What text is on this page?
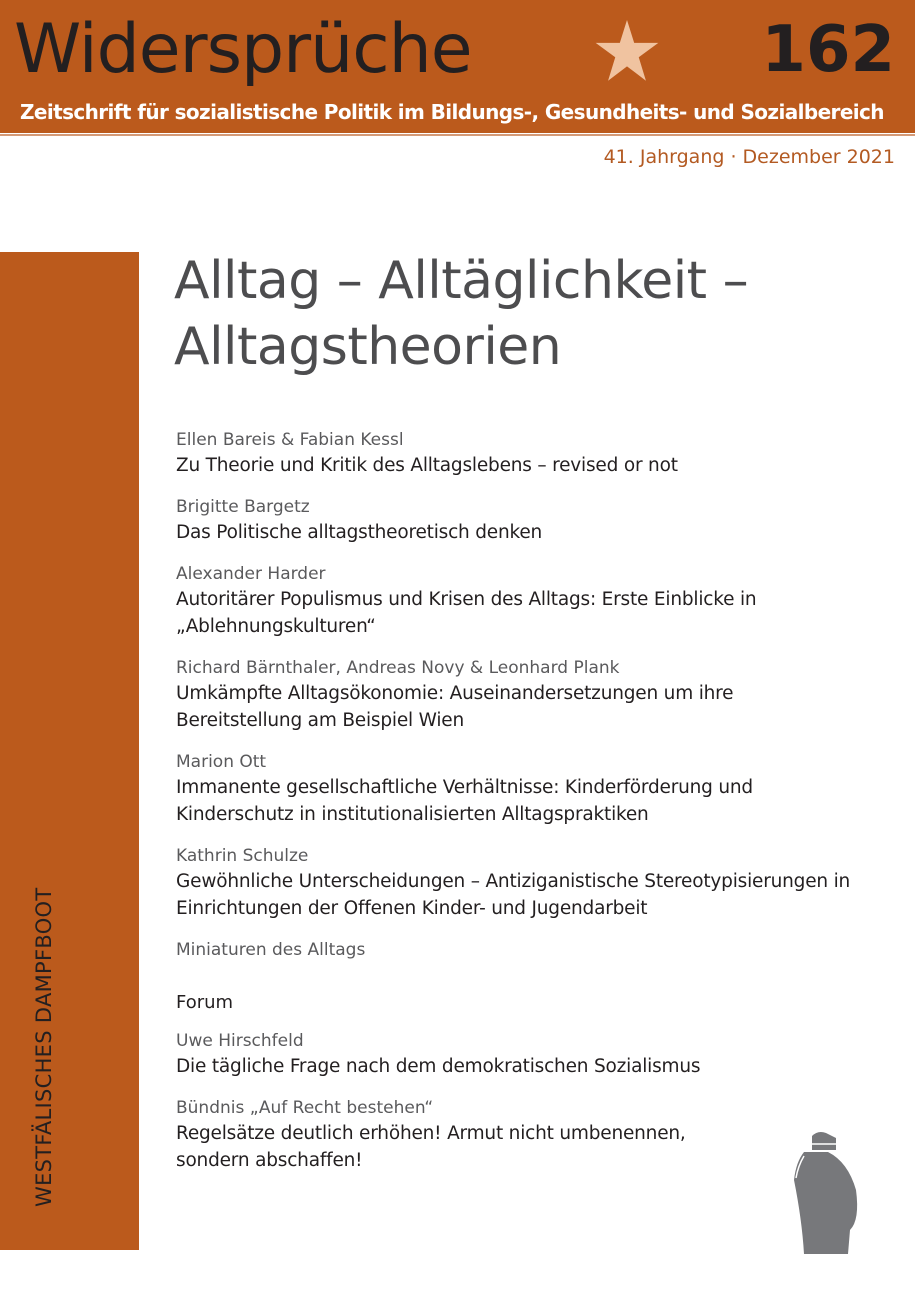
Widersprüche	162
Zeitschrift für sozialistische Politik im Bildungs-, Gesundheits- und Sozialbereich
41. Jahrgang · Dezember 2021
WESTFÄLISCHES DAMPFBOOT
Alltag – Alltäglichkeit –
Alltagstheorien
Ellen Bareis & Fabian Kessl
Zu Theorie und Kritik des Alltagslebens – revised or not
Brigitte Bargetz
Das Politische alltagstheoretisch denken
Alexander Harder
Autoritärer Populismus und Krisen des Alltags: Erste Einblicke in „Ablehnungskulturen“
Richard Bärnthaler, Andreas Novy & Leonhard Plank
Umkämpfte Alltagsökonomie: Auseinandersetzungen um ihre Bereitstellung am Beispiel Wien
Marion Ott
Immanente gesellschaftliche Verhältnisse: Kinderförderung und Kinderschutz in institutionalisierten Alltagspraktiken
Kathrin Schulze
Gewöhnliche Unterscheidungen – Antiziganistische Stereotypisierungen in Einrichtungen der Offenen Kinder- und Jugendarbeit
Miniaturen des Alltags
Forum
Uwe Hirschfeld
Die tägliche Frage nach dem demokratischen Sozialismus
Bündnis „Auf Recht bestehen“
Regelsätze deutlich erhöhen! Armut nicht umbenennen, sondern abschaffen!
